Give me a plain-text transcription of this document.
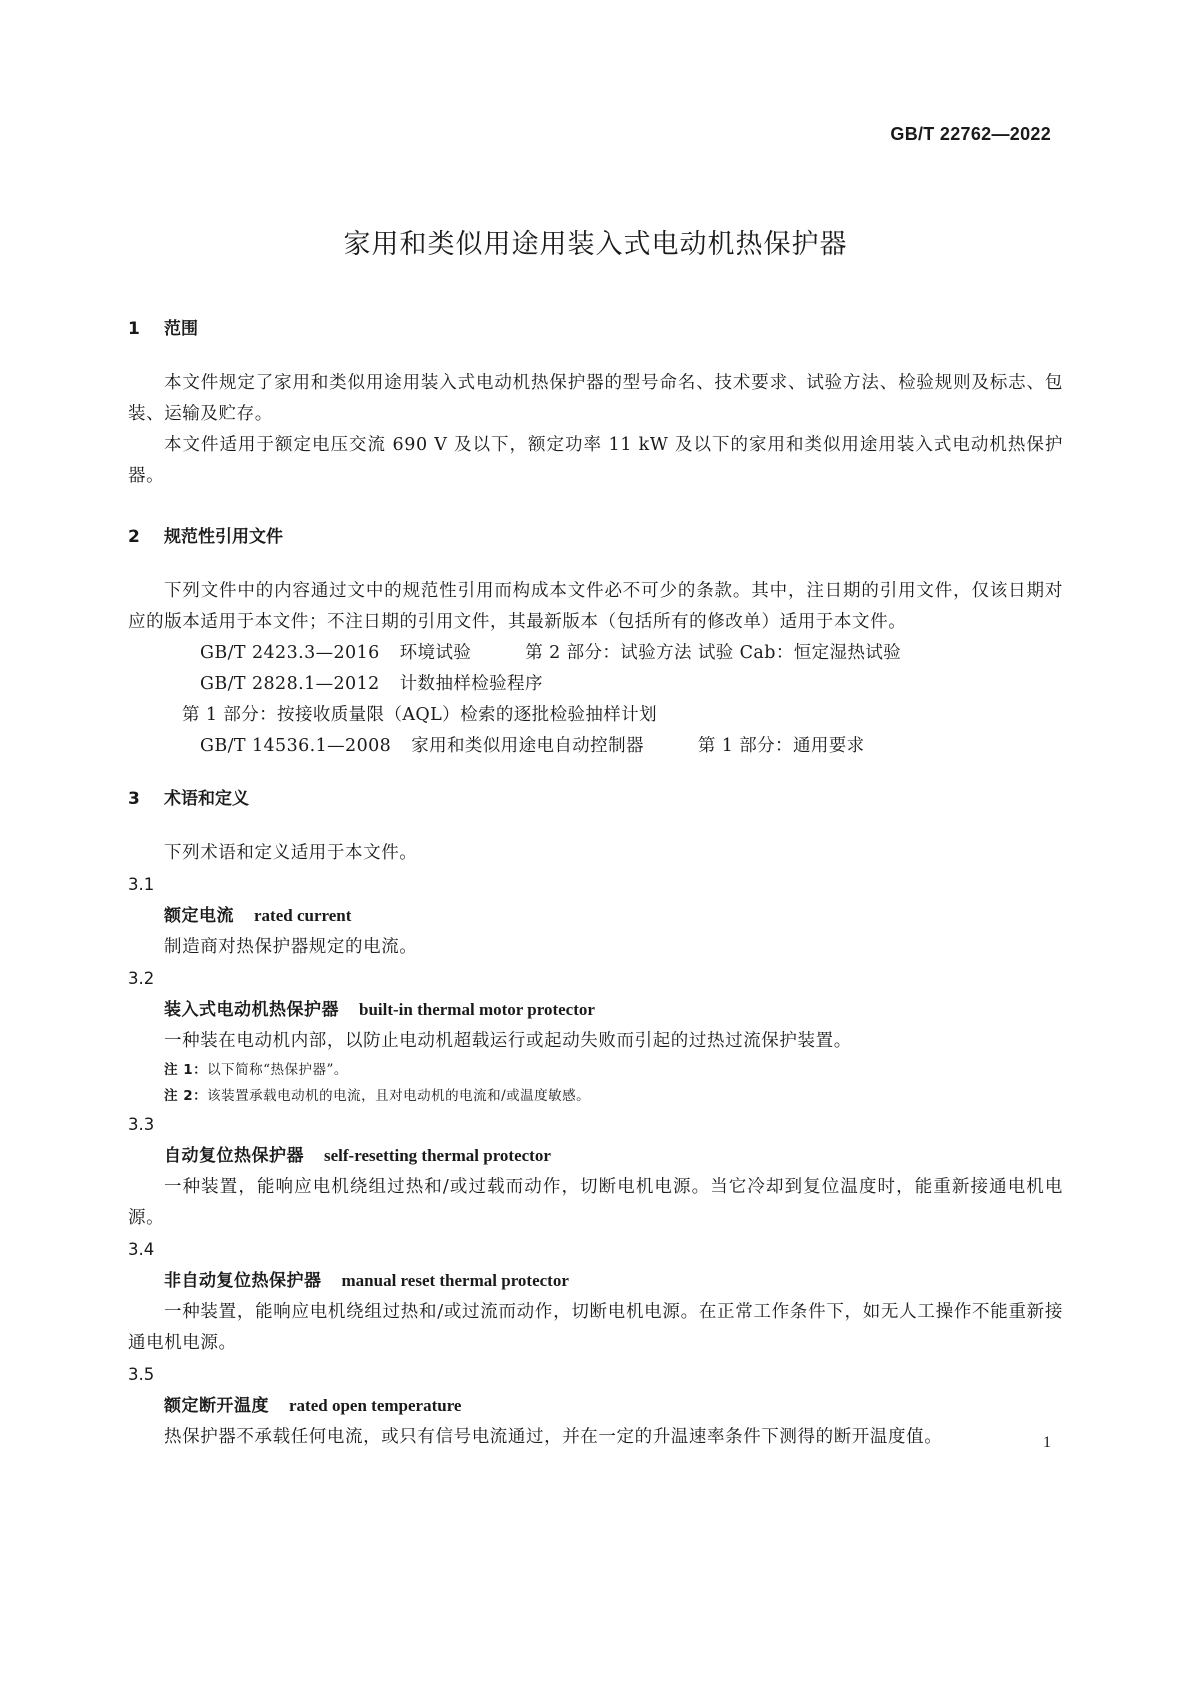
GB/T 22762—2022
家用和类似用途用装入式电动机热保护器
1 范围

本文件规定了家用和类似用途用装入式电动机热保护器的型号命名、技术要求、试验方法、检验规则及标志、包装、运输及贮存。

本文件适用于额定电压交流 690 V 及以下，额定功率 11 kW 及以下的家用和类似用途用装入式电动机热保护器。

2 规范性引用文件

下列文件中的内容通过文中的规范性引用而构成本文件必不可少的条款。其中，注日期的引用文件，仅该日期对应的版本适用于本文件；不注日期的引用文件，其最新版本（包括所有的修改单）适用于本文件。

GB/T 2423.3—2016 环境试验	第 2 部分：试验方法 试验 Cab：恒定湿热试验

GB/T 2828.1—2012 计数抽样检验程序第 1 部分：按接收质量限（AQL）检索的逐批检验抽样计划

GB/T 14536.1—2008 家用和类似用途电自动控制器	第 1 部分：通用要求

3 术语和定义

下列术语和定义适用于本文件。

3.1
额定电流 rated current

制造商对热保护器规定的电流。

3.2
装入式电动机热保护器 built-in thermal motor protector

一种装在电动机内部，以防止电动机超载运行或起动失败而引起的过热过流保护装置。

注 1：以下简称“热保护器”。
注 2：该装置承载电动机的电流，且对电动机的电流和/或温度敏感。
3.3
自动复位热保护器 self-resetting thermal protector

一种装置，能响应电机绕组过热和/或过载而动作，切断电机电源。当它冷却到复位温度时，能重新接通电机电源。

3.4
非自动复位热保护器 manual reset thermal protector

一种装置，能响应电机绕组过热和/或过流而动作，切断电机电源。在正常工作条件下，如无人工操作不能重新接通电机电源。

3.5
额定断开温度 rated open temperature

热保护器不承载任何电流，或只有信号电流通过，并在一定的升温速率条件下测得的断开温度值。	1
